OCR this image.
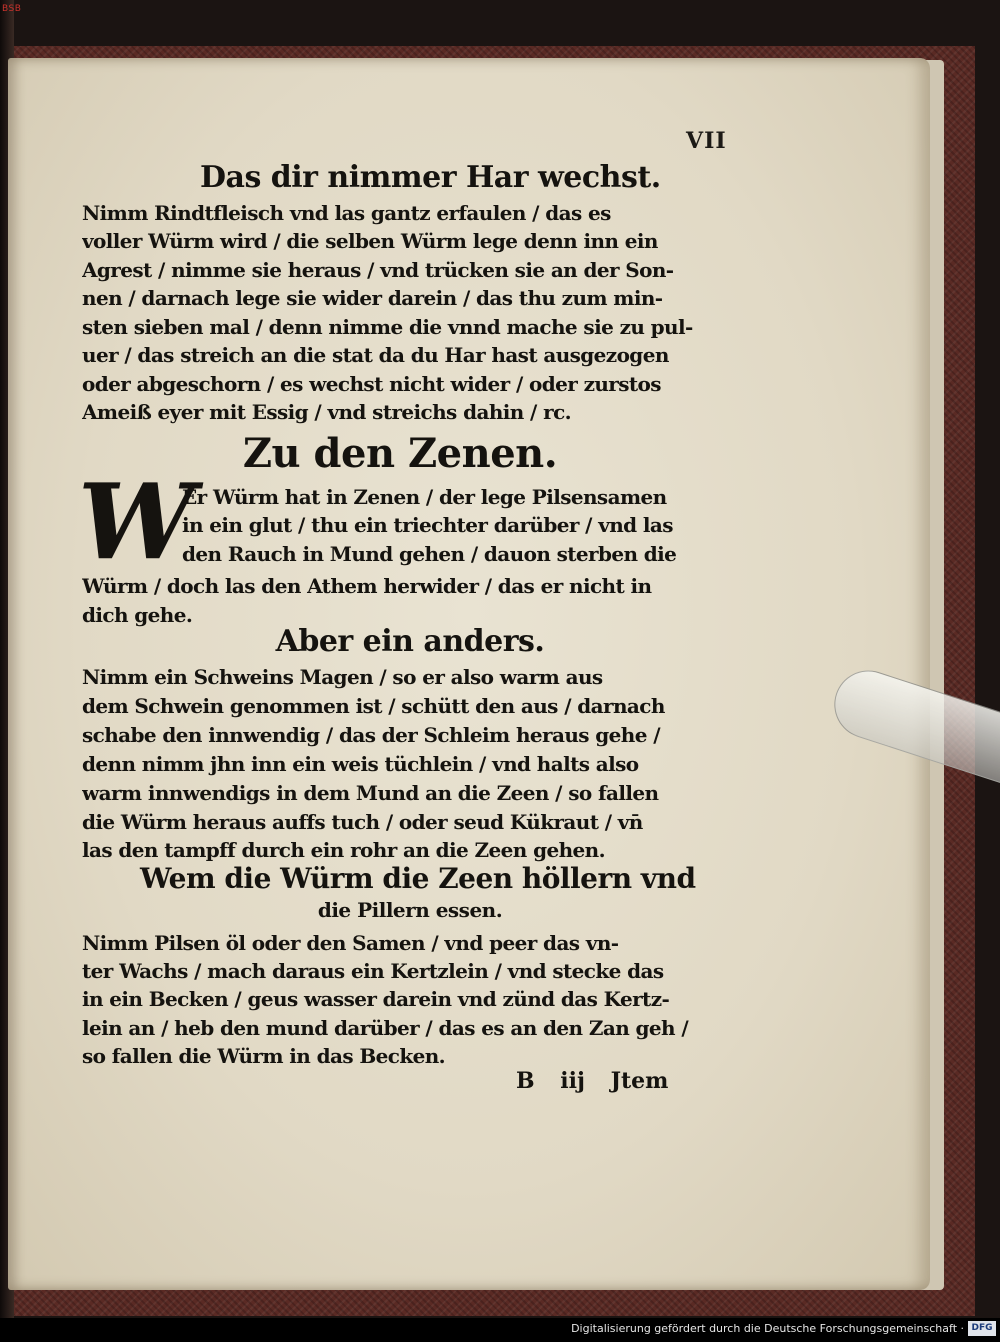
BSB
VII
Das dir nimmer Har wechst.
Nimm Rindtfleisch vnd las gantz erfaulen / das es
voller Würm wird / die selben Würm lege denn inn ein
Agrest / nimme sie heraus / vnd trücken sie an der Son-
nen / darnach lege sie wider darein / das thu zum min-
sten sieben mal / denn nimme die vnnd mache sie zu pul-
uer / das streich an die stat da du Har hast ausgezogen
oder abgeschorn / es wechst nicht wider / oder zurstos
Ameiß eyer mit Essig / vnd streichs dahin / rc.
Zu den Zenen.
W
Er Würm hat in Zenen / der lege Pilsensamen
in ein glut / thu ein triechter darüber / vnd las
den Rauch in Mund gehen / dauon sterben die
Würm / doch las den Athem herwider / das er nicht in
dich gehe.
Aber ein anders.
Nimm ein Schweins Magen / so er also warm aus
dem Schwein genommen ist / schütt den aus / darnach
schabe den innwendig / das der Schleim heraus gehe /
denn nimm jhn inn ein weis tüchlein / vnd halts also
warm innwendigs in dem Mund an die Zeen / so fallen
die Würm heraus auffs tuch / oder seud Kükraut / vn̄
las den tampff durch ein rohr an die Zeen gehen.
Wem die Würm die Zeen höllern vnd
die Pillern essen.
Nimm Pilsen öl oder den Samen / vnd peer das vn-
ter Wachs / mach daraus ein Kertzlein / vnd stecke das
in ein Becken / geus wasser darein vnd zünd das Kertz-
lein an / heb den mund darüber / das es an den Zan geh /
so fallen die Würm in das Becken.
B iij Jtem
Digitalisierung gefördert durch die Deutsche Forschungsgemeinschaft · DFG
